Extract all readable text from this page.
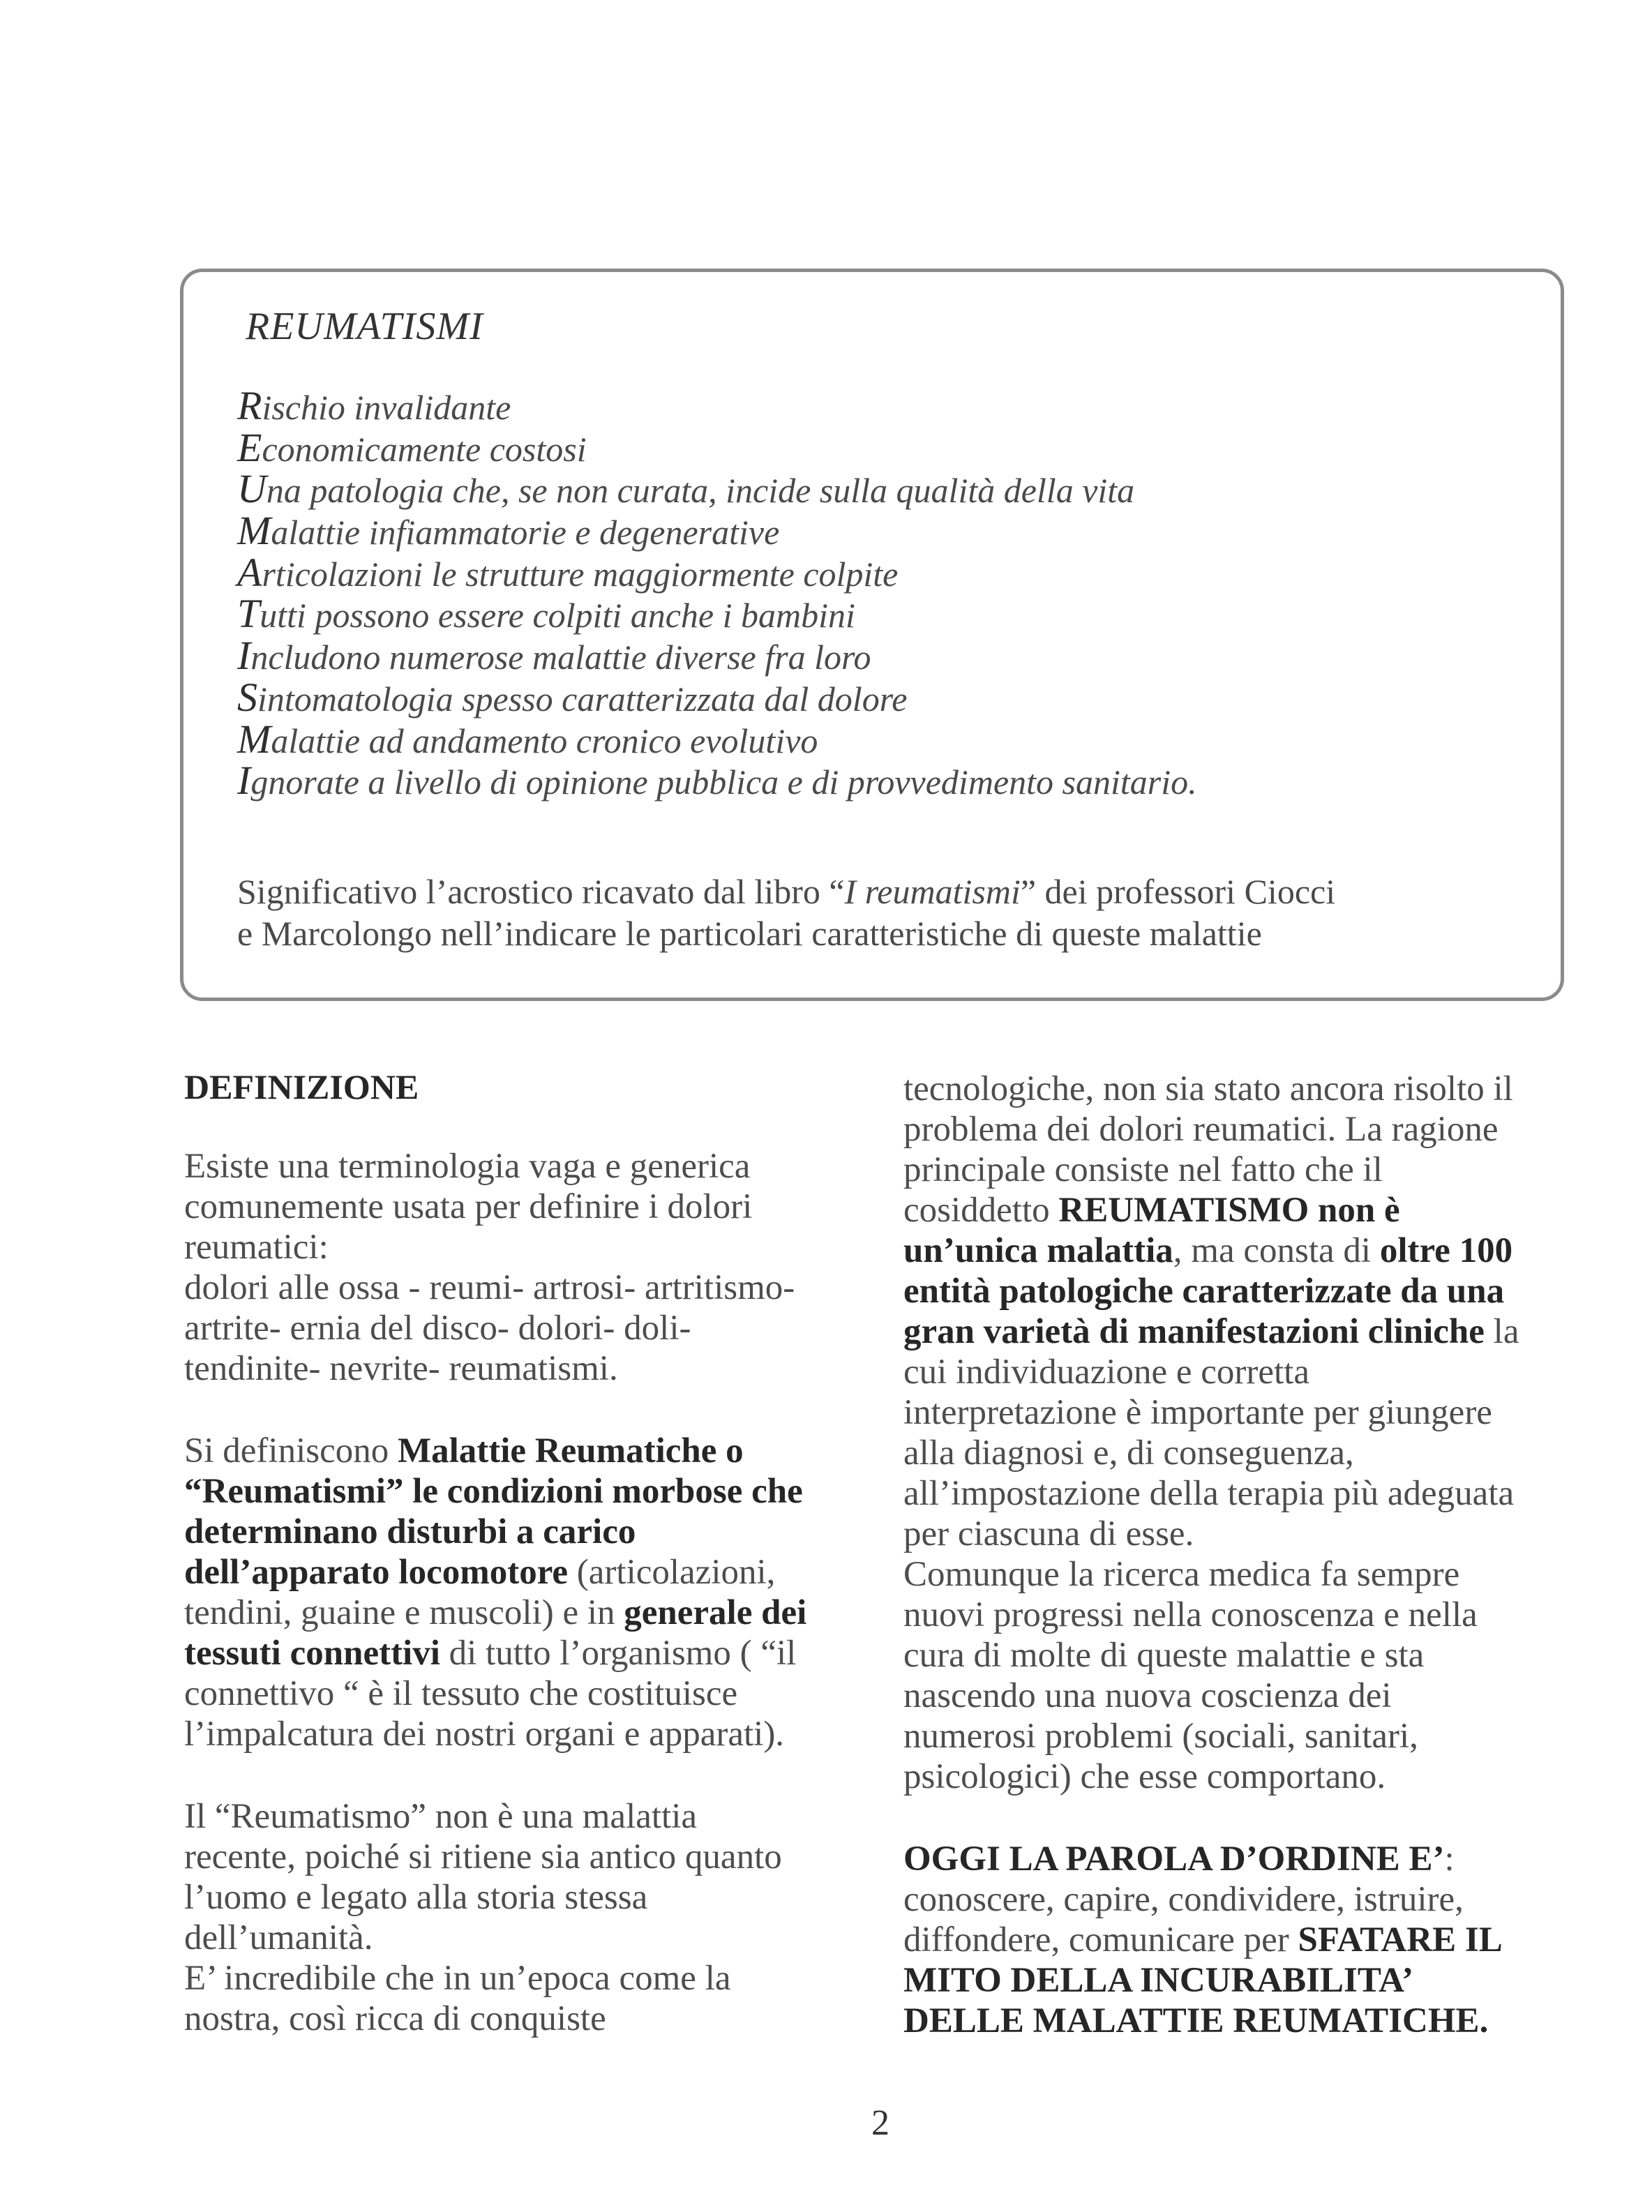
REUMATISMI
Rischio invalidante
Economicamente costosi
Una patologia che, se non curata, incide sulla qualità della vita
Malattie infiammatorie e degenerative
Articolazioni le strutture maggiormente colpite
Tutti possono essere colpiti anche i bambini
Includono numerose malattie diverse fra loro
Sintomatologia spesso caratterizzata dal dolore
Malattie ad andamento cronico evolutivo
Ignorate a livello di opinione pubblica e di provvedimento sanitario.
Significativo l’acrostico ricavato dal libro “I reumatismi” dei professori Ciocci
e Marcolongo nell’indicare le particolari caratteristiche di queste malattie
DEFINIZIONE
Esiste una terminologia vaga e generica
comunemente usata per definire i dolori
reumatici:
dolori alle ossa - reumi- artrosi- artritismo-
artrite- ernia del disco- dolori- doli-
tendinite- nevrite- reumatismi.
Si definiscono Malattie Reumatiche o
“Reumatismi” le condizioni morbose che
determinano disturbi a carico
dell’apparato locomotore (articolazioni,
tendini, guaine e muscoli) e in generale dei
tessuti connettivi di tutto l’organismo ( “il
connettivo “ è il tessuto che costituisce
l’impalcatura dei nostri organi e apparati).
Il “Reumatismo” non è una malattia
recente, poiché si ritiene sia antico quanto
l’uomo e legato alla storia stessa
dell’umanità.
E’ incredibile che in un’epoca come la
nostra, così ricca di conquiste
tecnologiche, non sia stato ancora risolto il
problema dei dolori reumatici. La ragione
principale consiste nel fatto che il
cosiddetto REUMATISMO non è
un’unica malattia, ma consta di oltre 100
entità patologiche caratterizzate da una
gran varietà di manifestazioni cliniche la
cui individuazione e corretta
interpretazione è importante per giungere
alla diagnosi e, di conseguenza,
all’impostazione della terapia più adeguata
per ciascuna di esse.
Comunque la ricerca medica fa sempre
nuovi progressi nella conoscenza e nella
cura di molte di queste malattie e sta
nascendo una nuova coscienza dei
numerosi problemi (sociali, sanitari,
psicologici) che esse comportano.
OGGI LA PAROLA D’ORDINE E’:
conoscere, capire, condividere, istruire,
diffondere, comunicare per SFATARE IL
MITO DELLA INCURABILITA’
DELLE MALATTIE REUMATICHE.
2
